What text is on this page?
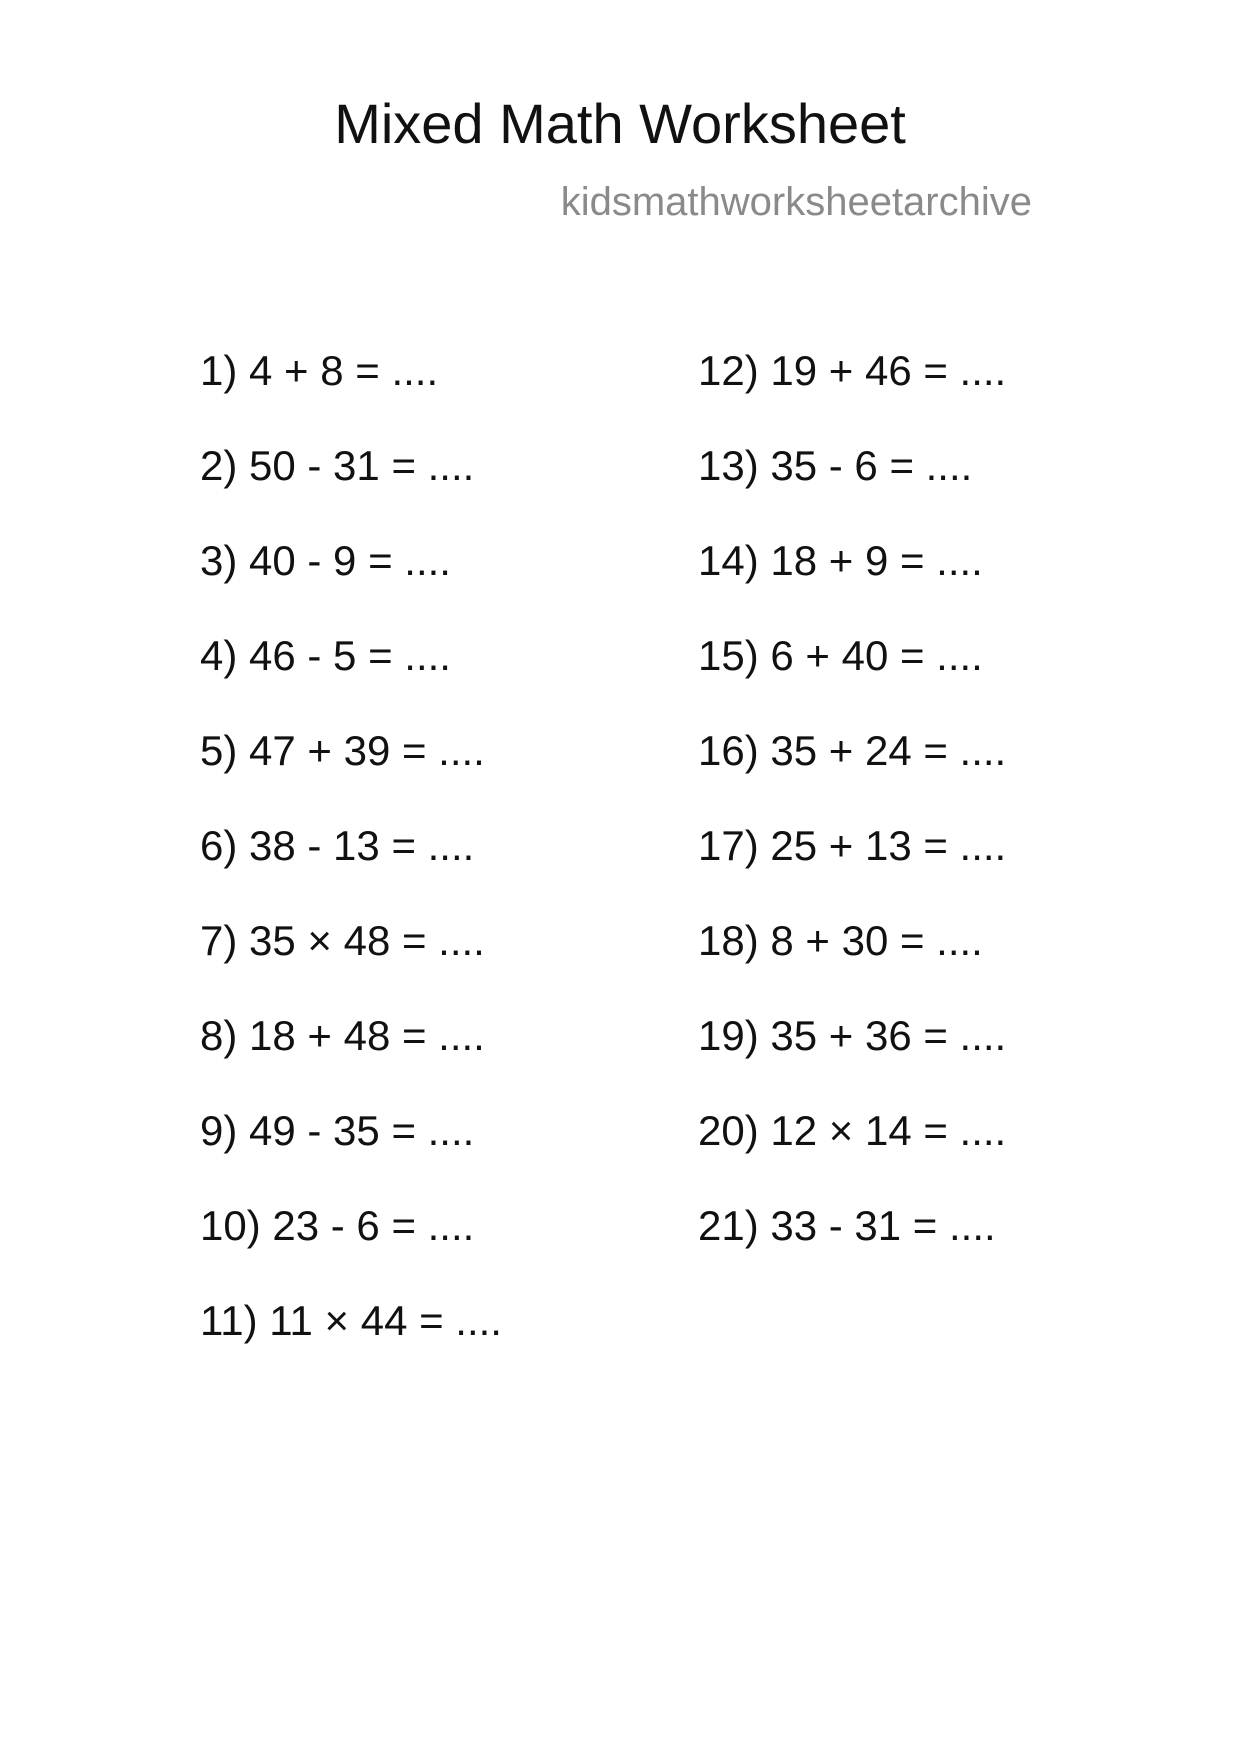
Mixed Math Worksheet
kidsmathworksheetarchive
1) 4 + 8 = ....
2) 50 - 31 = ....
3) 40 - 9 = ....
4) 46 - 5 = ....
5) 47 + 39 = ....
6) 38 - 13 = ....
7) 35 × 48 = ....
8) 18 + 48 = ....
9) 49 - 35 = ....
10) 23 - 6 = ....
11) 11 × 44 = ....
12) 19 + 46 = ....
13) 35 - 6 = ....
14) 18 + 9 = ....
15) 6 + 40 = ....
16) 35 + 24 = ....
17) 25 + 13 = ....
18) 8 + 30 = ....
19) 35 + 36 = ....
20) 12 × 14 = ....
21) 33 - 31 = ....
